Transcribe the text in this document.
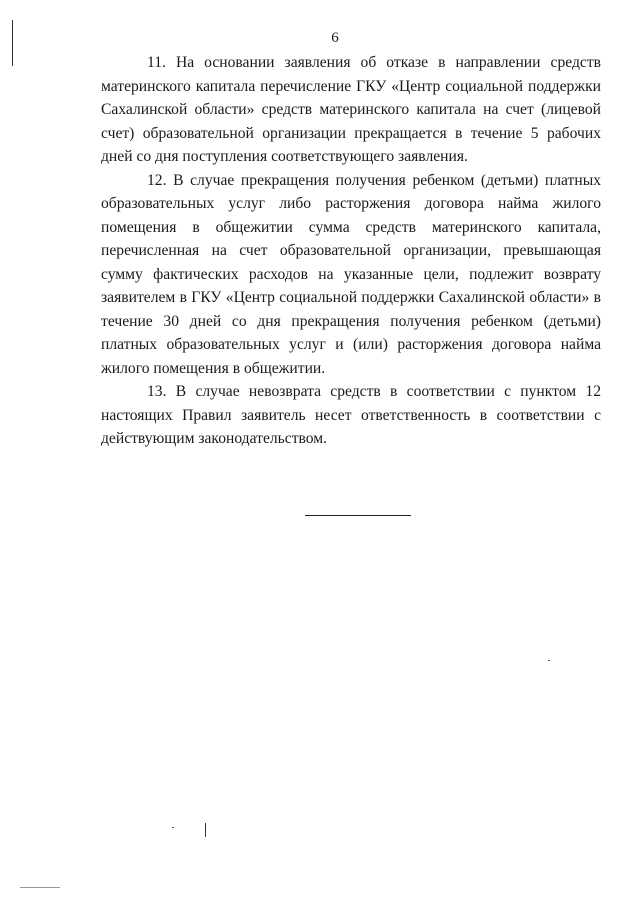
6

11. На основании заявления об отказе в направлении средств материнского капитала перечисление ГКУ «Центр социальной поддержки Сахалинской области» средств материнского капитала на счет (лицевой счет) образовательной организации прекращается в течение 5 рабочих дней со дня поступления соответствующего заявления.

12. В случае прекращения получения ребенком (детьми) платных образовательных услуг либо расторжения договора найма жилого помещения в общежитии сумма средств материнского капитала, перечисленная на счет образовательной организации, превышающая сумму фактических расходов на указанные цели, подлежит возврату заявителем в ГКУ «Центр социальной поддержки Сахалинской области» в течение 30 дней со дня прекращения получения ребенком (детьми) платных образовательных услуг и (или) расторжения договора найма жилого помещения в общежитии.

13. В случае невозврата средств в соответствии с пунктом 12 настоящих Правил заявитель несет ответственность в соответствии с действующим законодательством.
